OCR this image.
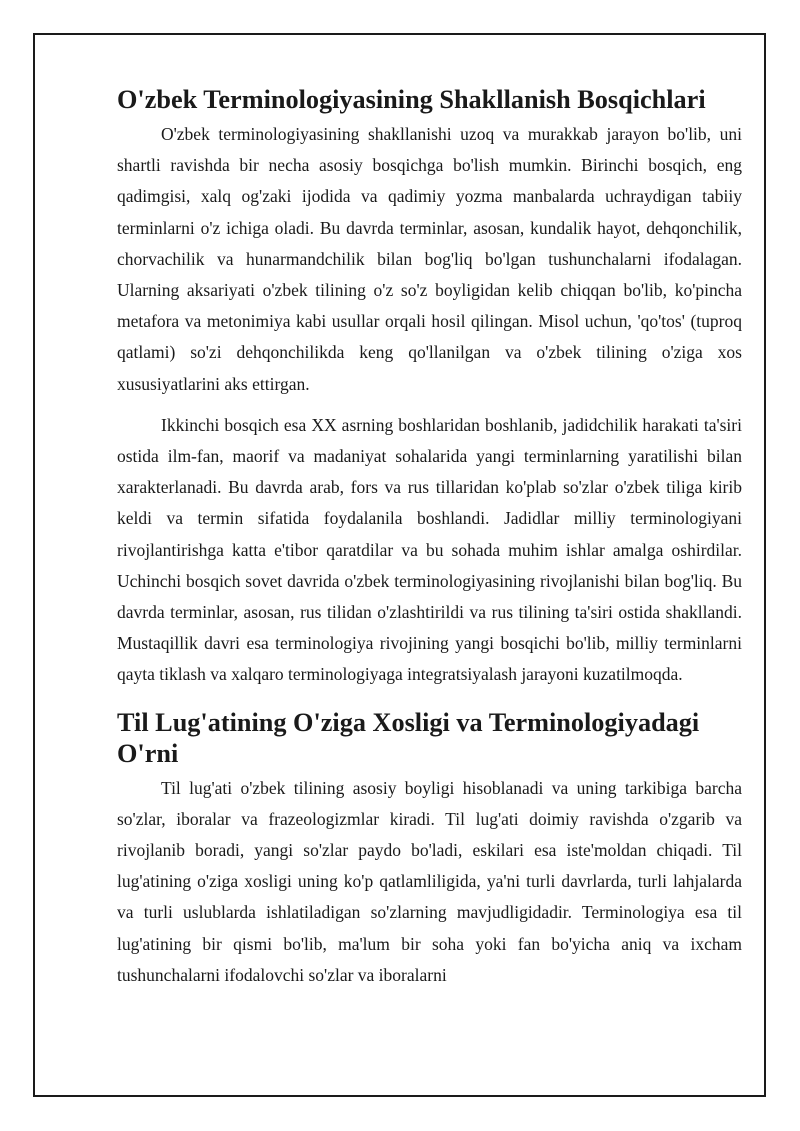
O'zbek Terminologiyasining Shakllanish Bosqichlari

O'zbek terminologiyasining shakllanishi uzoq va murakkab jarayon bo'lib, uni shartli ravishda bir necha asosiy bosqichga bo'lish mumkin. Birinchi bosqich, eng qadimgisi, xalq og'zaki ijodida va qadimiy yozma manbalarda uchraydigan tabiiy terminlarni o'z ichiga oladi. Bu davrda terminlar, asosan, kundalik hayot, dehqonchilik, chorvachilik va hunarmandchilik bilan bog'liq bo'lgan tushunchalarni ifodalagan. Ularning aksariyati o'zbek tilining o'z so'z boyligidan kelib chiqqan bo'lib, ko'pincha metafora va metonimiya kabi usullar orqali hosil qilingan. Misol uchun, 'qo'tos' (tuproq qatlami) so'zi dehqonchilikda keng qo'llanilgan va o'zbek tilining o'ziga xos xususiyatlarini aks ettirgan.

Ikkinchi bosqich esa XX asrning boshlaridan boshlanib, jadidchilik harakati ta'siri ostida ilm-fan, maorif va madaniyat sohalarida yangi terminlarning yaratilishi bilan xarakterlanadi. Bu davrda arab, fors va rus tillaridan ko'plab so'zlar o'zbek tiliga kirib keldi va termin sifatida foydalanila boshlandi. Jadidlar milliy terminologiyani rivojlantirishga katta e'tibor qaratdilar va bu sohada muhim ishlar amalga oshirdilar. Uchinchi bosqich sovet davrida o'zbek terminologiyasining rivojlanishi bilan bog'liq. Bu davrda terminlar, asosan, rus tilidan o'zlashtirildi va rus tilining ta'siri ostida shakllandi. Mustaqillik davri esa terminologiya rivojining yangi bosqichi bo'lib, milliy terminlarni qayta tiklash va xalqaro terminologiyaga integratsiyalash jarayoni kuzatilmoqda.

Til Lug'atining O'ziga Xosligi va Terminologiyadagi O'rni

Til lug'ati o'zbek tilining asosiy boyligi hisoblanadi va uning tarkibiga barcha so'zlar, iboralar va frazeologizmlar kiradi. Til lug'ati doimiy ravishda o'zgarib va rivojlanib boradi, yangi so'zlar paydo bo'ladi, eskilari esa iste'moldan chiqadi. Til lug'atining o'ziga xosligi uning ko'p qatlamliligida, ya'ni turli davrlarda, turli lahjalarda va turli uslublarda ishlatiladigan so'zlarning mavjudligidadir. Terminologiya esa til lug'atining bir qismi bo'lib, ma'lum bir soha yoki fan bo'yicha aniq va ixcham tushunchalarni ifodalovchi so'zlar va iboralarni
